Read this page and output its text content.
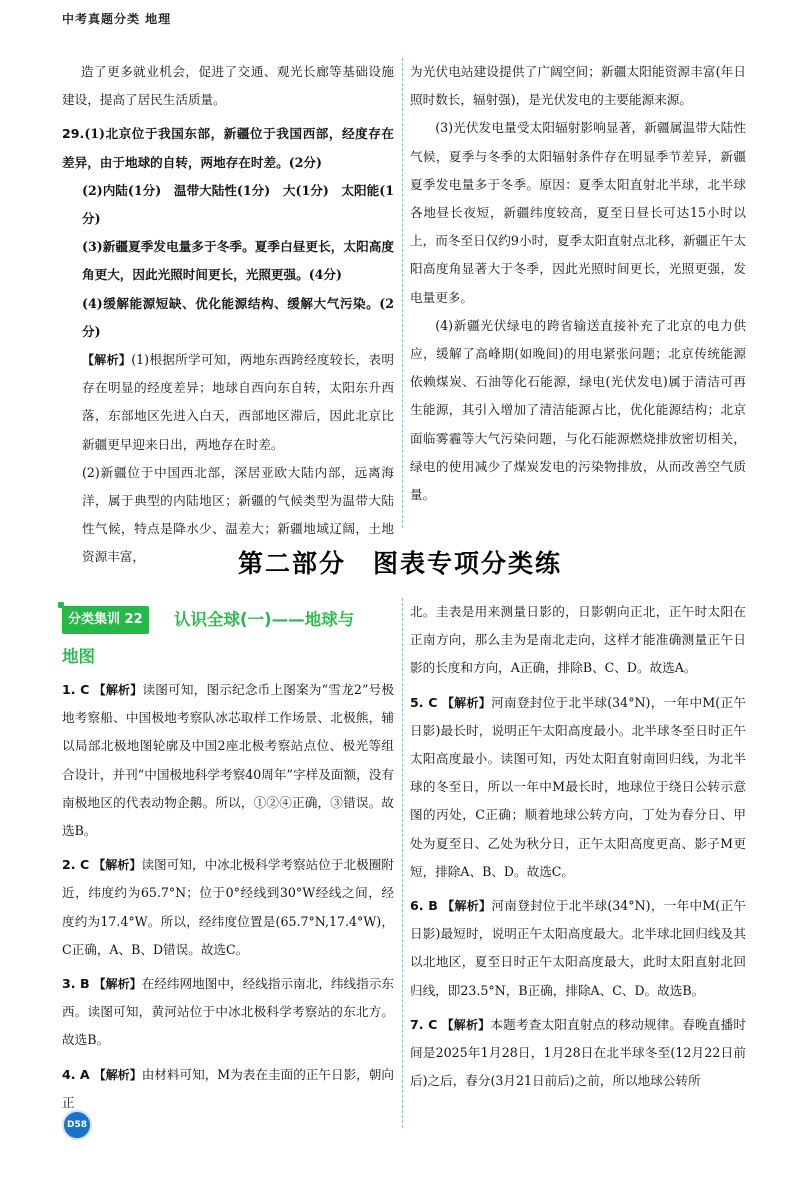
中考真题分类 地理

造了更多就业机会，促进了交通、观光长廊等基础设施建设，提高了居民生活质量。

29.(1)北京位于我国东部，新疆位于我国西部，经度存在差异，由于地球的自转，两地存在时差。(2分)

(2)内陆(1分)　温带大陆性(1分)　大(1分)　太阳能(1分)

(3)新疆夏季发电量多于冬季。夏季白昼更长，太阳高度角更大，因此光照时间更长，光照更强。(4分)

(4)缓解能源短缺、优化能源结构、缓解大气污染。(2分)

【解析】(1)根据所学可知，两地东西跨经度较长，表明存在明显的经度差异；地球自西向东自转，太阳东升西落，东部地区先进入白天，西部地区滞后，因此北京比新疆更早迎来日出，两地存在时差。

(2)新疆位于中国西北部，深居亚欧大陆内部，远离海洋，属于典型的内陆地区；新疆的气候类型为温带大陆性气候，特点是降水少、温差大；新疆地域辽阔，土地资源丰富，

为光伏电站建设提供了广阔空间；新疆太阳能资源丰富(年日照时数长，辐射强)，是光伏发电的主要能源来源。

(3)光伏发电量受太阳辐射影响显著，新疆属温带大陆性气候，夏季与冬季的太阳辐射条件存在明显季节差异，新疆夏季发电量多于冬季。原因：夏季太阳直射北半球，北半球各地昼长夜短，新疆纬度较高，夏至日昼长可达15小时以上，而冬至日仅约9小时，夏季太阳直射点北移，新疆正午太阳高度角显著大于冬季，因此光照时间更长，光照更强，发电量更多。

(4)新疆光伏绿电的跨省输送直接补充了北京的电力供应，缓解了高峰期(如晚间)的用电紧张问题；北京传统能源依赖煤炭、石油等化石能源，绿电(光伏发电)属于清洁可再生能源，其引入增加了清洁能源占比，优化能源结构；北京面临雾霾等大气污染问题，与化石能源燃烧排放密切相关，绿电的使用减少了煤炭发电的污染物排放，从而改善空气质量。

第二部分　图表专项分类练
分类集训 22	认识全球(一)——地球与
地图

1. C 【解析】读图可知，图示纪念币上图案为“雪龙2”号极地考察船、中国极地考察队冰芯取样工作场景、北极熊，辅以局部北极地图轮廓及中国2座北极考察站点位、极光等组合设计，并刊“中国极地科学考察40周年”字样及面额，没有南极地区的代表动物企鹅。所以，①②④正确，③错误。故选B。

2. C 【解析】读图可知，中冰北极科学考察站位于北极圈附近，纬度约为65.7°N；位于0°经线到30°W经线之间，经度约为17.4°W。所以，经纬度位置是(65.7°N,17.4°W)，C正确，A、B、D错误。故选C。

3. B 【解析】在经纬网地图中，经线指示南北，纬线指示东西。读图可知，黄河站位于中冰北极科学考察站的东北方。故选B。

4. A 【解析】由材料可知，M为表在圭面的正午日影，朝向正

北。圭表是用来测量日影的，日影朝向正北，正午时太阳在正南方向，那么圭为是南北走向，这样才能准确测量正午日影的长度和方向，A正确，排除B、C、D。故选A。

5. C 【解析】河南登封位于北半球(34°N)，一年中M(正午日影)最长时，说明正午太阳高度最小。北半球冬至日时正午太阳高度最小。读图可知，丙处太阳直射南回归线，为北半球的冬至日，所以一年中M最长时，地球位于绕日公转示意图的丙处，C正确；顺着地球公转方向，丁处为春分日、甲处为夏至日、乙处为秋分日，正午太阳高度更高、影子M更短，排除A、B、D。故选C。

6. B 【解析】河南登封位于北半球(34°N)，一年中M(正午日影)最短时，说明正午太阳高度最大。北半球北回归线及其以北地区，夏至日时正午太阳高度最大，此时太阳直射北回归线，即23.5°N，B正确，排除A、C、D。故选B。

7. C 【解析】本题考查太阳直射点的移动规律。春晚直播时间是2025年1月28日，1月28日在北半球冬至(12月22日前后)之后，春分(3月21日前后)之前，所以地球公转所

D58
